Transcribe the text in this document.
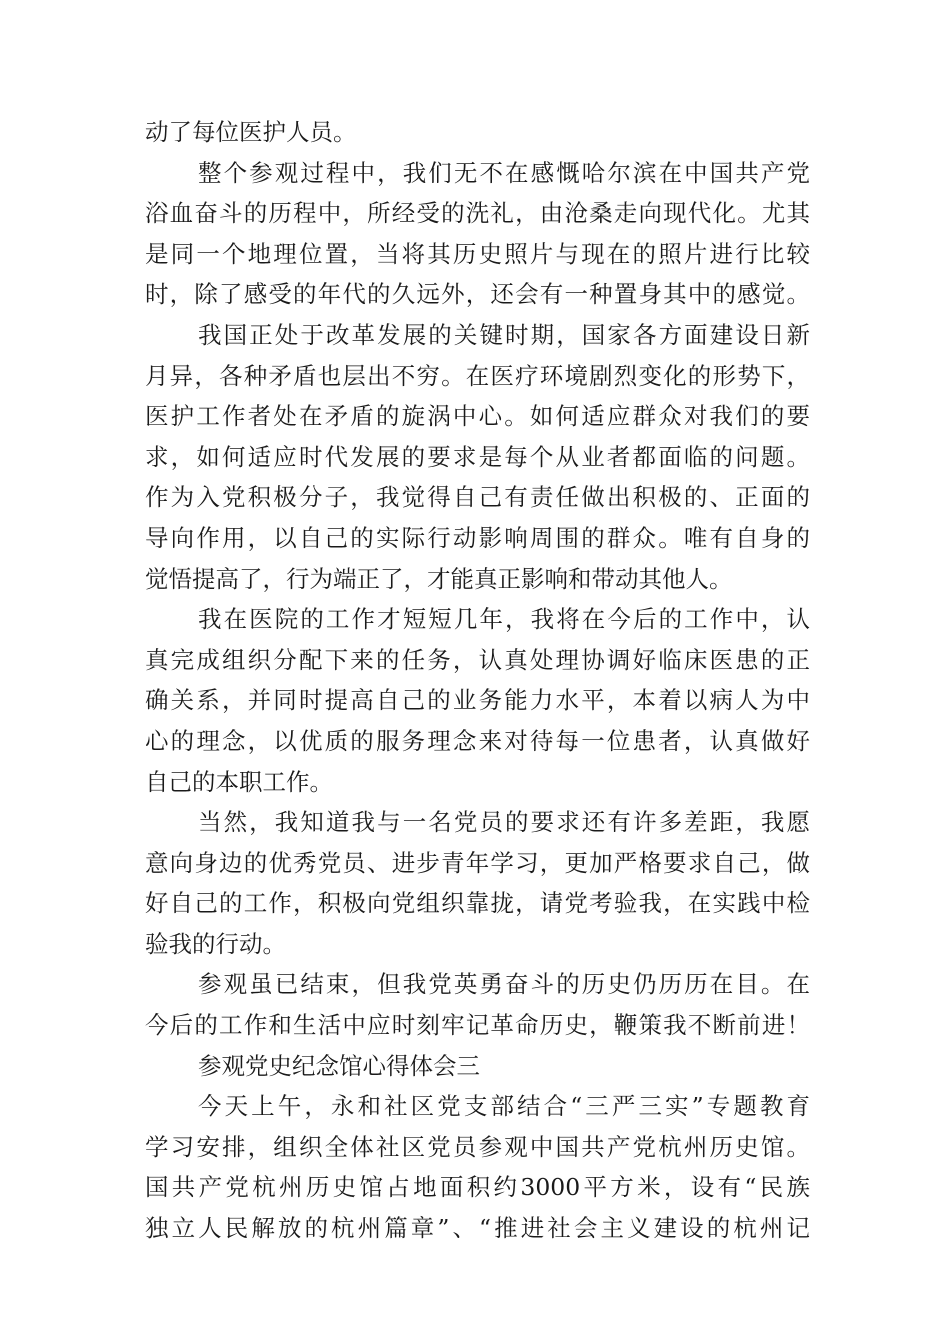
动了每位医护人员。
整个参观过程中，我们无不在感慨哈尔滨在中国共产党
浴血奋斗的历程中，所经受的洗礼，由沧桑走向现代化。尤其
是同一个地理位置，当将其历史照片与现在的照片进行比较
时，除了感受的年代的久远外，还会有一种置身其中的感觉。
我国正处于改革发展的关键时期，国家各方面建设日新
月异，各种矛盾也层出不穷。在医疗环境剧烈变化的形势下，
医护工作者处在矛盾的旋涡中心。如何适应群众对我们的要
求，如何适应时代发展的要求是每个从业者都面临的问题。
作为入党积极分子，我觉得自己有责任做出积极的、正面的
导向作用，以自己的实际行动影响周围的群众。唯有自身的
觉悟提高了，行为端正了，才能真正影响和带动其他人。
我在医院的工作才短短几年，我将在今后的工作中，认
真完成组织分配下来的任务，认真处理协调好临床医患的正
确关系，并同时提高自己的业务能力水平，本着以病人为中
心的理念，以优质的服务理念来对待每一位患者，认真做好
自己的本职工作。
当然，我知道我与一名党员的要求还有许多差距，我愿
意向身边的优秀党员、进步青年学习，更加严格要求自己，做
好自己的工作，积极向党组织靠拢，请党考验我，在实践中检
验我的行动。
参观虽已结束，但我党英勇奋斗的历史仍历历在目。在
今后的工作和生活中应时刻牢记革命历史，鞭策我不断前进！
参观党史纪念馆心得体会三
今天上午，永和社区党支部结合“三严三实”专题教育
学习安排，组织全体社区党员参观中国共产党杭州历史馆。
国共产党杭州历史馆占地面积约3000平方米，设有“民族
独立人民解放的杭州篇章”、“推进社会主义建设的杭州记
